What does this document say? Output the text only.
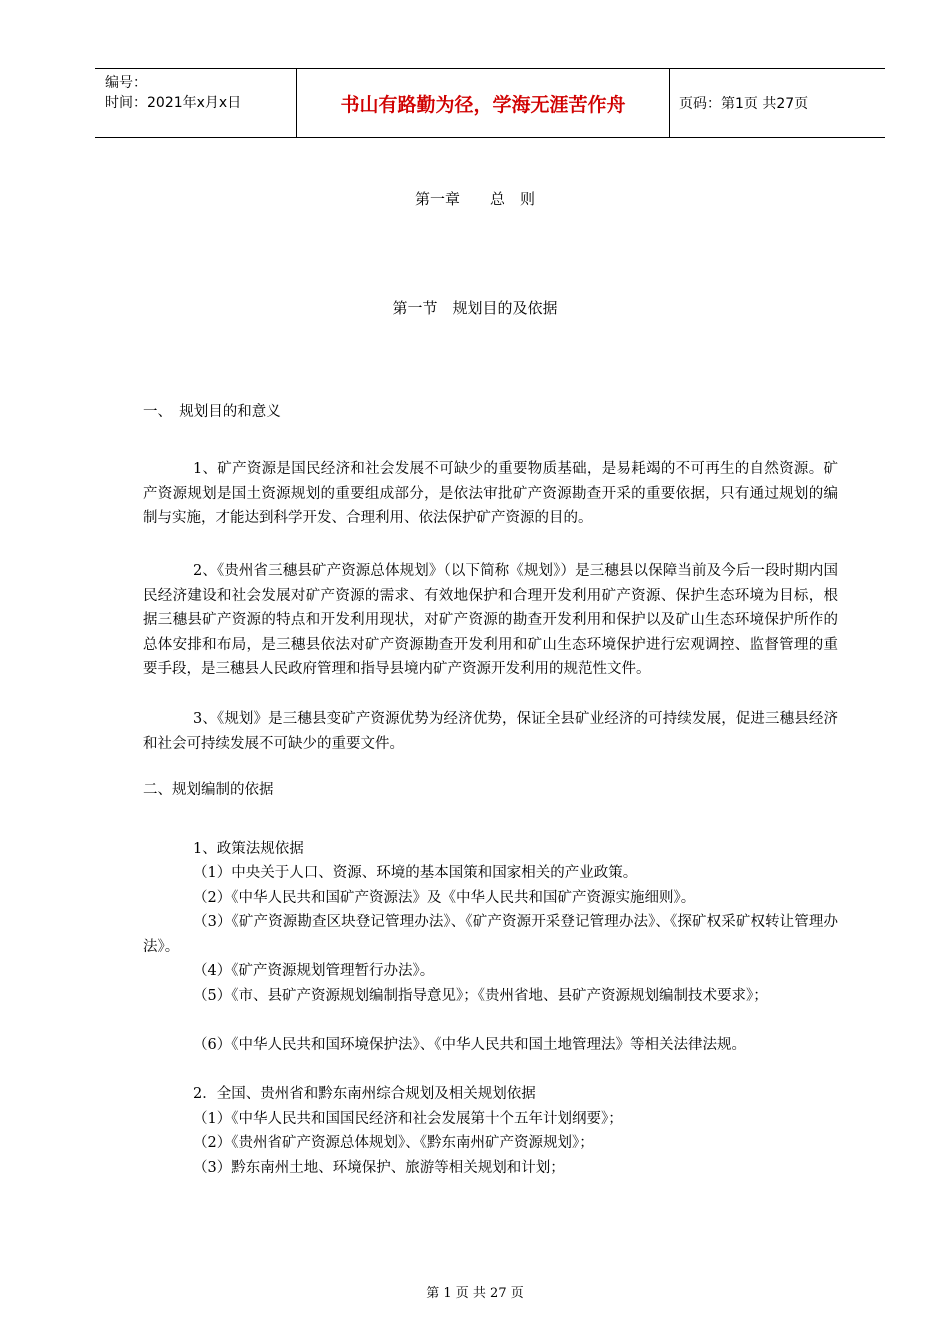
编号：
时间：2021年x月x日	书山有路勤为径，学海无涯苦作舟	页码：第1页 共27页
第一章　　总　则
第一节　规划目的及依据
一、　规划目的和意义
1、矿产资源是国民经济和社会发展不可缺少的重要物质基础，是易耗竭的不可再生的自然资源。矿产资源规划是国土资源规划的重要组成部分，是依法审批矿产资源勘查开采的重要依据，只有通过规划的编制与实施，才能达到科学开发、合理利用、依法保护矿产资源的目的。
2、《贵州省三穗县矿产资源总体规划》（以下简称《规划》）是三穗县以保障当前及今后一段时期内国民经济建设和社会发展对矿产资源的需求、有效地保护和合理开发利用矿产资源、保护生态环境为目标，根据三穗县矿产资源的特点和开发利用现状，对矿产资源的勘查开发利用和保护以及矿山生态环境保护所作的总体安排和布局，是三穗县依法对矿产资源勘查开发利用和矿山生态环境保护进行宏观调控、监督管理的重要手段，是三穗县人民政府管理和指导县境内矿产资源开发利用的规范性文件。
3、《规划》是三穗县变矿产资源优势为经济优势，保证全县矿业经济的可持续发展，促进三穗县经济和社会可持续发展不可缺少的重要文件。
二、规划编制的依据
1、政策法规依据
（1）中央关于人口、资源、环境的基本国策和国家相关的产业政策。
（2）《中华人民共和国矿产资源法》及《中华人民共和国矿产资源实施细则》。
（3）《矿产资源勘查区块登记管理办法》、《矿产资源开采登记管理办法》、《探矿权采矿权转让管理办法》。
（4）《矿产资源规划管理暂行办法》。
（5）《市、县矿产资源规划编制指导意见》；《贵州省地、县矿产资源规划编制技术要求》；
（6）《中华人民共和国环境保护法》、《中华人民共和国土地管理法》等相关法律法规。
2．全国、贵州省和黔东南州综合规划及相关规划依据
（1）《中华人民共和国国民经济和社会发展第十个五年计划纲要》；
（2）《贵州省矿产资源总体规划》、《黔东南州矿产资源规划》；
（3）黔东南州土地、环境保护、旅游等相关规划和计划；
第 1 页 共 27 页
